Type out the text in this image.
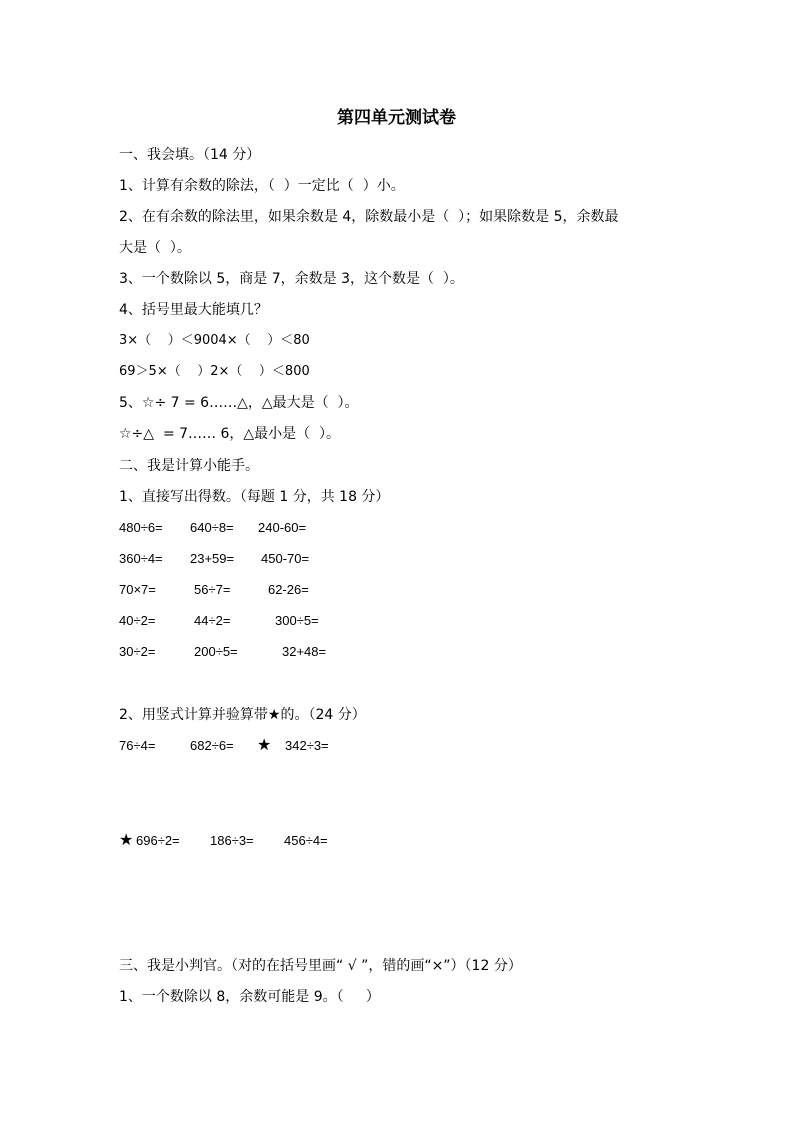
第四单元测试卷
一、我会填。（14 分）
1、计算有余数的除法，（  ）一定比（  ）小。
2、在有余数的除法里，如果余数是 4，除数最小是（  ）；如果除数是 5，余数最
大是（  ）。
3、一个数除以 5，商是 7，余数是 3，这个数是（  ）。
4、括号里最大能填几？
3×（    ）＜9004×（    ）＜80
69＞5×（    ）2×（    ）＜800
5、☆÷ 7 = 6……△，△最大是（  ）。
☆÷△  = 7…… 6，△最小是（  ）。
二、我是计算小能手。
1、直接写出得数。（每题 1 分，共 18 分）
480÷6= 640÷8= 240-60=
360÷4= 23+59= 450-70=
70×7=	56÷7=	62-26=
40÷2=	44÷2=	300÷5=
30÷2=	200÷5=	32+48=
2、用竖式计算并验算带★的。（24 分）
76÷4=	682÷6= ★ 342÷3=
★ 696÷2= 186÷3= 456÷4=
三、我是小判官。（对的在括号里画“ √ ”，错的画“×”）（12 分）
1、一个数除以 8，余数可能是 9。（     ）
